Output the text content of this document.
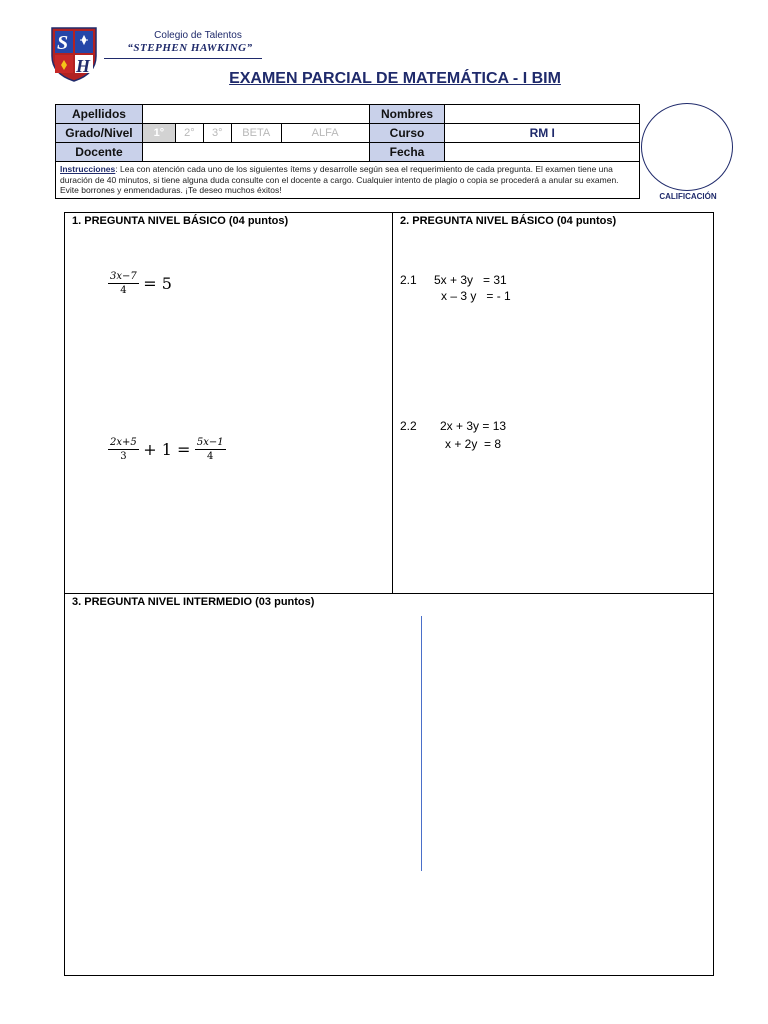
S
H
Colegio de Talentos
“STEPHEN HAWKING”
EXAMEN PARCIAL DE MATEMÁTICA - I BIM
Apellidos						Nombres	
Grado/Nivel	1°	2°	3°	BETA	ALFA	Curso	RM I
Docente						Fecha	
Instrucciones: Lea con atención cada uno de los siguientes ítems y desarrolle según sea el requerimiento de cada pregunta. El examen tiene una duración de 40 minutos, si tiene alguna duda consulte con el docente a cargo. Cualquier intento de plagio o copia se procederá a anular su examen. Evite borrones y enmendaduras. ¡Te deseo muchos éxitos!							
CALIFICACIÓN
1. PREGUNTA NIVEL BÁSICO (04 puntos)	2. PREGUNTA NIVEL BÁSICO (04 puntos)
3. PREGUNTA NIVEL INTERMEDIO (03 puntos)
$\frac{3x-7}{4} = 5$
$\frac{2x+5}{3} + 1 = \frac{5x-1}{4}$
2.1 5x + 3y   = 31
x – 3 y   = - 1
2.2 2x + 3y = 13
x + 2y  = 8
